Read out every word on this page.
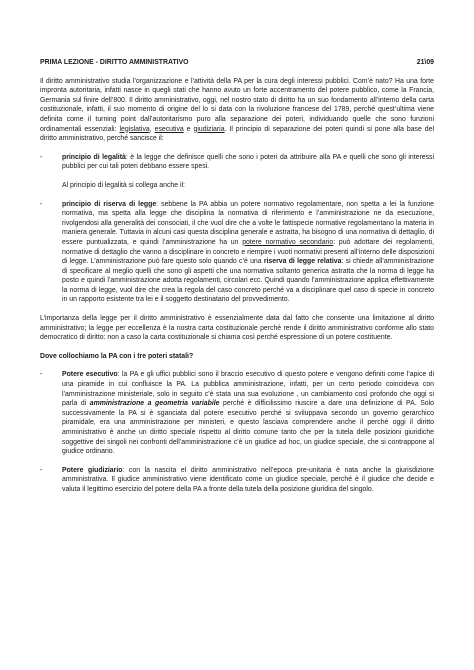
PRIMA LEZIONE - DIRITTO AMMINISTRATIVO	21\09

Il diritto amministrativo studia l’organizzazione e l’attività della PA per la cura degli interessi pubblici. Com’è nato? Ha una forte impronta autoritaria, infatti nasce in quegli stati che hanno avuto un forte accentramento del potere pubblico, come la Francia, Germania sul finire dell’800. Il diritto amministrativo, oggi, nel nostro stato di diritto ha un suo fondamento all’interno della carta costituzionale, infatti, il suo momento di origine del lo si data con la rivoluzione francese del 1789, perché quest’ultima viene definita come il turning point dall’autoritarismo puro alla separazione dei poteri, individuando quelle che sono funzioni ordinamentali essenziali: legislativa, esecutiva e giudiziaria. Il principio di separazione dei poteri quindi si pone alla base del diritto amministrativo, perché sancisce il:

-	principio di legalità: è la legge che definisce quelli che sono i poteri da attribuire alla PA e quelli che sono gli interessi pubblici per cui tali poteri debbano essere spesi.

Al principio di legalità si collega anche il:

-	principio di riserva di legge: sebbene la PA abbia un potere normativo regolamentare, non spetta a lei la funzione normativa, ma spetta alla legge che disciplina la normativa di riferimento e l’amministrazione ne da esecuzione, rivolgendosi alla generalità dei consociati, il che vuol dire che a volte le fattispecie normative regolamentano la materia in maniera generale. Tuttavia in alcuni casi questa disciplina generale e astratta, ha bisogno di una normativa di dettaglio, di essere puntualizzata, e quindi l’amministrazione ha un potere normativo secondario: può adottare dei regolamenti, normative di dettaglio che vanno a disciplinare in concreto e riempire i vuoti normativi presenti all’interno delle disposizioni di legge. L’amministrazione può fare questo solo quando c’è una riserva di legge relativa: si chiede all’amministrazione di specificare al meglio quelli che sono gli aspetti che una normativa soltanto generica astratta che la norma di legge ha posto e quindi l’amministrazione adotta regolamenti, circolari ecc. Quindi quando l’amministrazione applica effettivamente la norma di legge, vuol dire che crea la regola del caso concreto perché va a disciplinare quel caso di specie in concreto in un rapporto esistente tra lei e il soggetto destinatario del provvedimento.

L’importanza della legge per il diritto amministrativo è essenzialmente data dal fatto che consente una limitazione al diritto amministrativo; la legge per eccellenza è la nostra carta costituzionale perché rende il diritto amministrativo conforme allo stato democratico di diritto: non a caso la carta costituzionale si chiama così perché espressione di un potere costituente.

Dove collochiamo la PA con i tre poteri statali?

-	Potere esecutivo: la PA e gli uffici pubblici sono il braccio esecutivo di questo potere e vengono definiti come l’apice di una piramide in cui confluisce la PA. La pubblica amministrazione, infatti, per un certo periodo coincideva con l’amministrazione ministeriale, solo in seguito c’è stata una sua evoluzione , un cambiamento così profondo che oggi si parla di amministrazione a geometria variabile perché è difficilissimo riuscire a dare una definizione di PA. Solo successivamente la PA si è sganciata dal potere esecutivo perché si sviluppava secondo un governo gerarchico piramidale, era una amministrazione per ministeri, e questo lasciava comprendere anche il perché oggi il diritto amministrativo è anche un diritto speciale rispetto al diritto comune tanto che per la tutela delle posizioni giuridiche soggettive dei singoli nei confronti dell’amministrazione c’è un giudice ad hoc, un giudice speciale, che si contrappone al giudice ordinario.

-	Potere giudiziario: con la nascita el diritto amministrativo nell’epoca pre-unitaria è nata anche la giurisdizione amministrativa. Il giudice amministrativo viene identificato come un giudice speciale, perché è il giudice che decide e valuta il legittimo esercizio del potere della PA a fronte della tutela della posizione giuridica del singolo.
